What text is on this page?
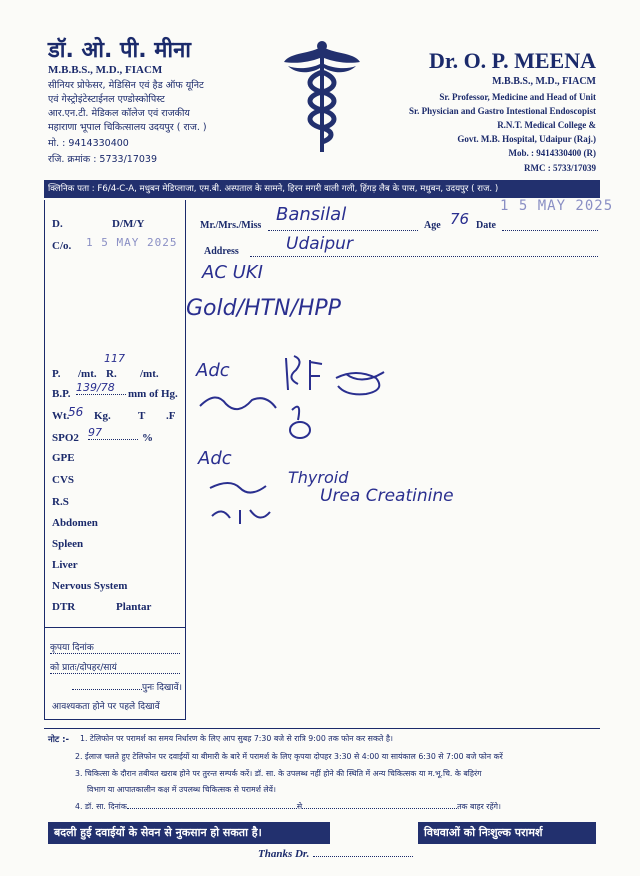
डॉ. ओ. पी. मीना
M.B.B.S., M.D., FIACM
सीनियर प्रोफेसर, मेडिसिन एवं हैड ऑफ यूनिट
एवं गेस्ट्रोइंटेस्टाईनल एण्डोस्कोपिस्ट
आर.एन.टी. मेडिकल कॉलेज एवं राजकीय
महाराणा भूपाल चिकित्सालय उदयपुर ( राज. )
मो. : 9414330400
रजि. क्रमांक : 5733/17039
Dr. O. P. MEENA
M.B.B.S., M.D., FIACM
Sr. Professor, Medicine and Head of Unit
Sr. Physician and Gastro Intestional Endoscopist
R.N.T. Medical College &
Govt. M.B. Hospital, Udaipur (Raj.)
Mob. : 9414330400 (R)
RMC : 5733/17039
क्लिनिक पता : F6/4-C-A, मधुबन मेडिप्लाजा, एम.बी. अस्पताल के सामने, हिरन मगरी वाली गली, हिंगड़ लैब के पास, मधुबन, उदयपुर ( राज. )
D.	D/M/Y
C/o. 1 5 MAY 2025
P.
117
/mt. R. /mt.
B.P. 139/78	mm of Hg.
Wt.
56 Kg. T .F
SPO2 97	%
GPE
CVS
R.S
Abdomen
Spleen
Liver
Nervous System
DTR	Plantar
कृपया दिनांक
को प्रातः/दोपहर/सायं
पुनः दिखावें।
आवश्यकता होने पर पहले दिखावें
Mr./Mrs./Miss
Bansilal
Age 76 Date
1 5 MAY 2025
Address	Udaipur
AC UKI
Gold/HTN/HPP
Adc
Adc
Thyroid
Urea Creatinine
नोट :- 1. टेलिफोन पर परामर्श का समय निर्धारण के लिए आप सुबह 7:30 बजे से रात्रि 9:00 तक फोन कर सकते है।
2. ईलाज चलते हुए टेलिफोन पर दवाईयों या बीमारी के बारे में परामर्श के लिए कृपया दोपहर 3:30 से 4:00 या सायंकाल 6:30 से 7:00 बजे फोन करें
3. चिकित्सा के दौरान तबीयत खराब होने पर तुरन्त सम्पर्क करें। डॉ. सा. के उपलब्ध नहीं होने की स्थिति में अन्य चिकित्सक या म.भू.चि. के बहिरंग
विभाग या आपातकालीन कक्ष में उपलब्ध चिकित्सक से परामर्श लेवें।
4. डॉ. सा. दिनांक	से	तक बाहर रहेंगे।
बदली हुई दवाईयों के सेवन से नुकसान हो सकता है।	विधवाओं को निःशुल्क परामर्श
Thanks Dr.
